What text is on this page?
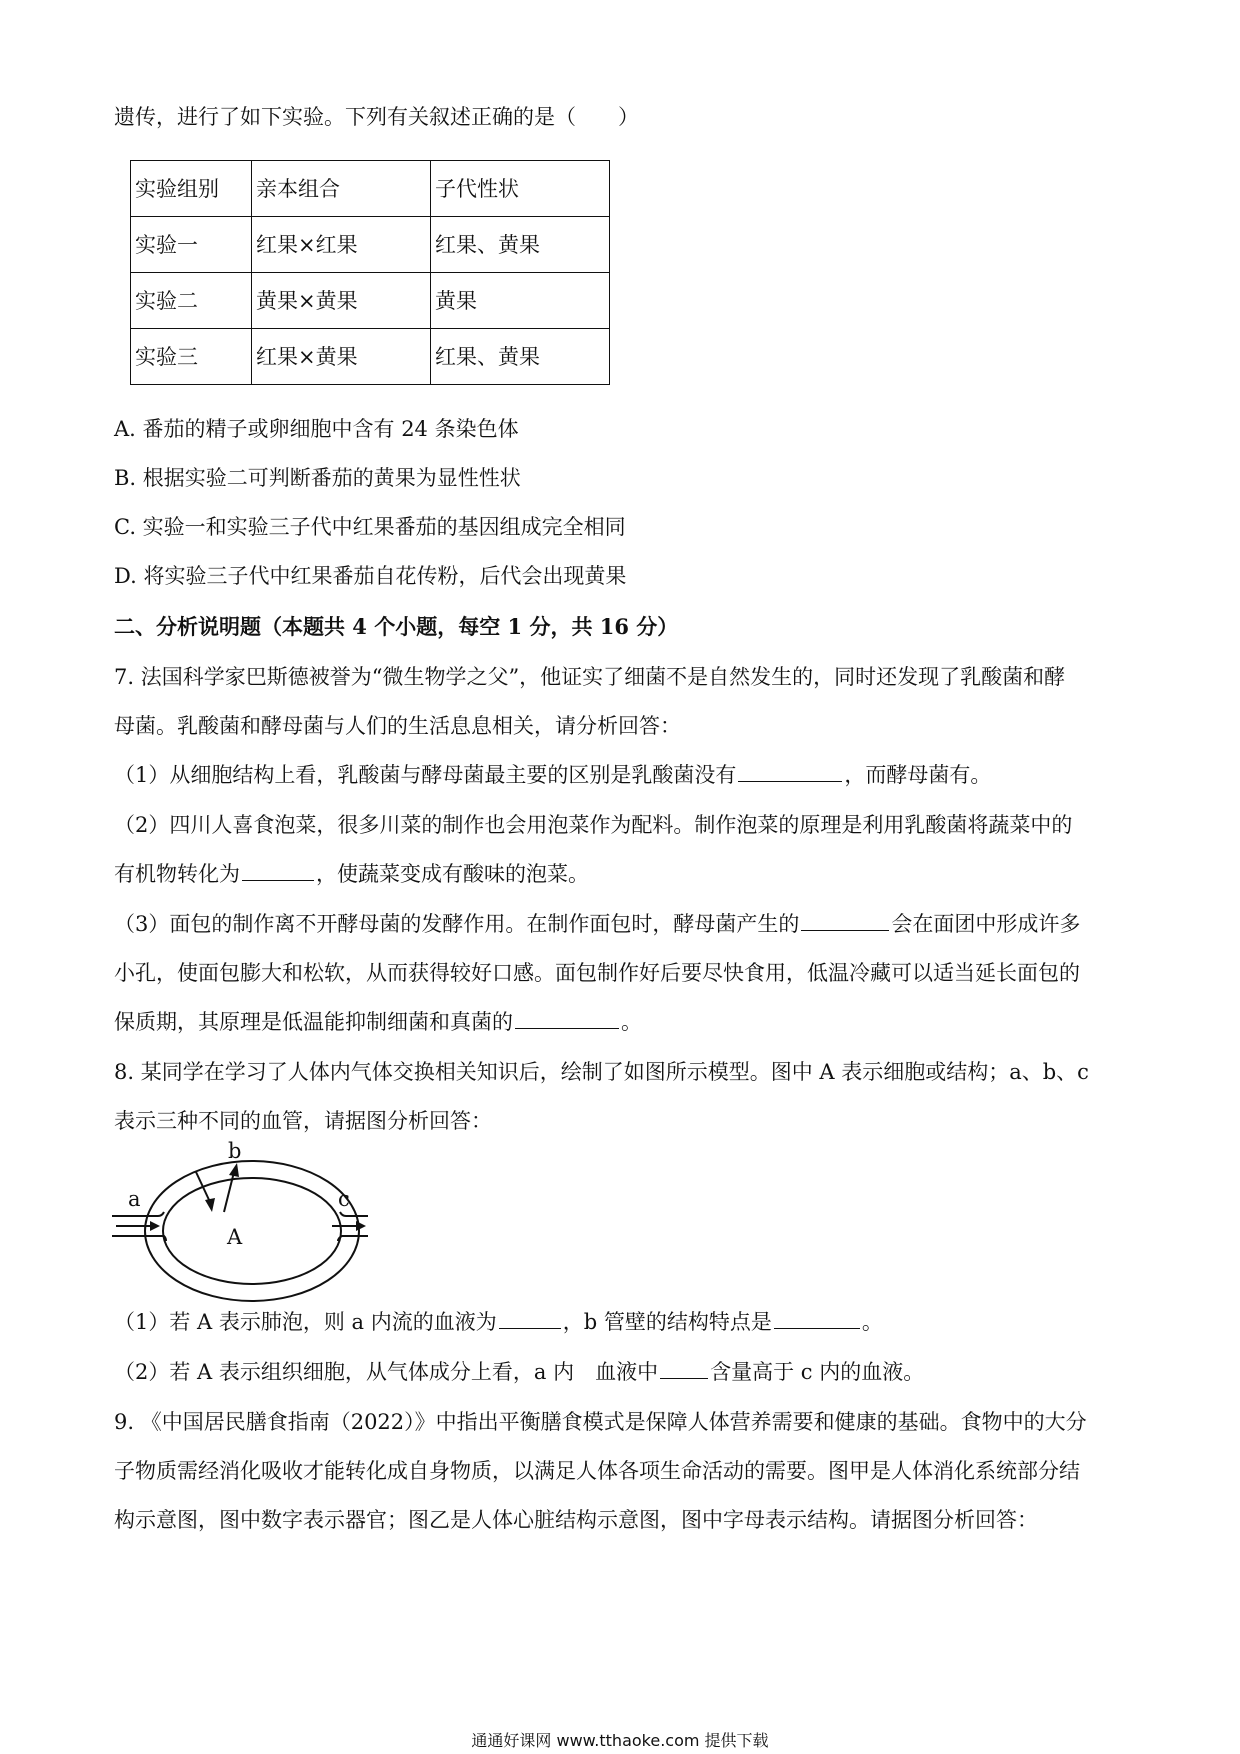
遗传，进行了如下实验。下列有关叙述正确的是（　　）
实验组别	亲本组合	子代性状
实验一	红果×红果	红果、黄果
实验二	黄果×黄果	黄果
实验三	红果×黄果	红果、黄果
A. 番茄的精子或卵细胞中含有 24 条染色体
B. 根据实验二可判断番茄的黄果为显性性状
C. 实验一和实验三子代中红果番茄的基因组成完全相同
D. 将实验三子代中红果番茄自花传粉，后代会出现黄果
二、分析说明题（本题共 4 个小题，每空 1 分，共 16 分）
7. 法国科学家巴斯德被誉为“微生物学之父”，他证实了细菌不是自然发生的，同时还发现了乳酸菌和酵
母菌。乳酸菌和酵母菌与人们的生活息息相关，请分析回答：
（1）从细胞结构上看，乳酸菌与酵母菌最主要的区别是乳酸菌没有	，而酵母菌有。
（2）四川人喜食泡菜，很多川菜的制作也会用泡菜作为配料。制作泡菜的原理是利用乳酸菌将蔬菜中的
有机物转化为	，使蔬菜变成有酸味的泡菜。
（3）面包的制作离不开酵母菌的发酵作用。在制作面包时，酵母菌产生的	会在面团中形成许多
小孔，使面包膨大和松软，从而获得较好口感。面包制作好后要尽快食用，低温冷藏可以适当延长面包的
保质期，其原理是低温能抑制细菌和真菌的	。
8. 某同学在学习了人体内气体交换相关知识后，绘制了如图所示模型。图中 A 表示细胞或结构；a、b、c
表示三种不同的血管，请据图分析回答：
b
a	c
A
（1）若 A 表示肺泡，则 a 内流的血液为	，b 管壁的结构特点是	。
（2）若 A 表示组织细胞，从气体成分上看，a 内　血液中 含量高于 c 内的血液。
9. 《中国居民膳食指南（2022）》中指出平衡膳食模式是保障人体营养需要和健康的基础。食物中的大分
子物质需经消化吸收才能转化成自身物质，以满足人体各项生命活动的需要。图甲是人体消化系统部分结
构示意图，图中数字表示器官；图乙是人体心脏结构示意图，图中字母表示结构。请据图分析回答：
通通好课网 www.tthaoke.com 提供下载
